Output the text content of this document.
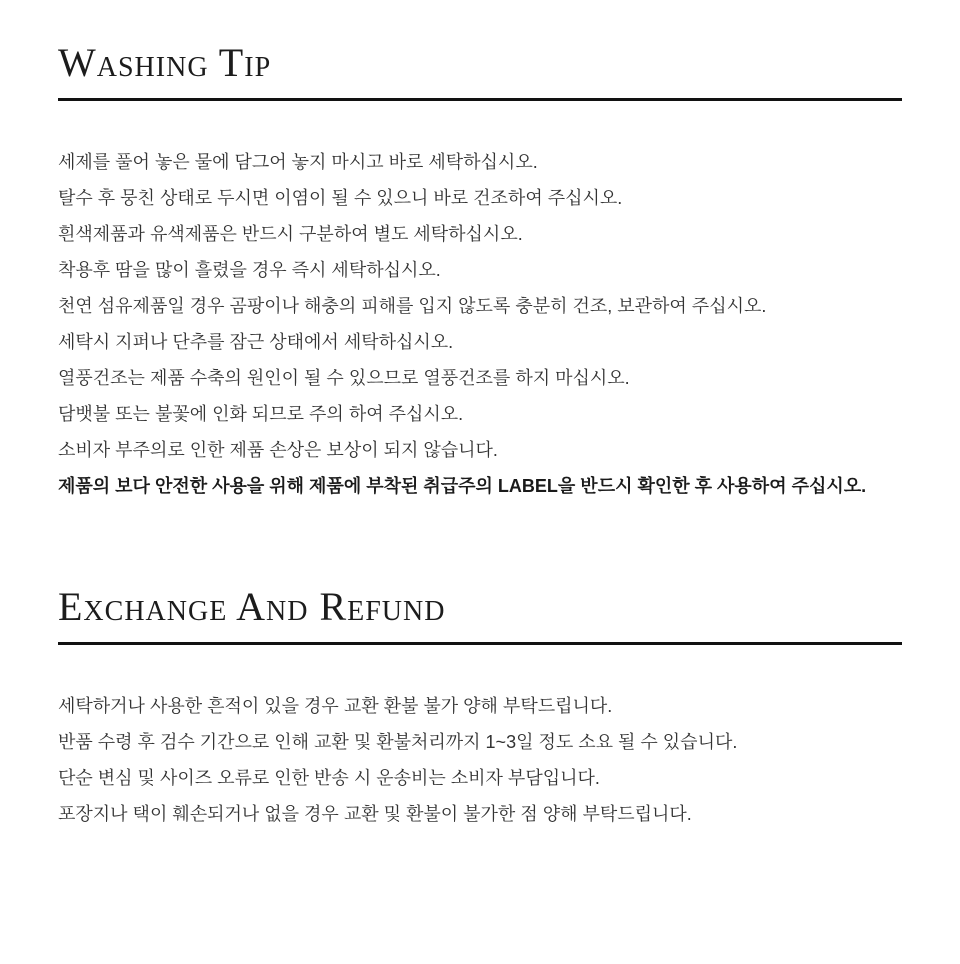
Washing Tip

세제를 풀어 놓은 물에 담그어 놓지 마시고 바로 세탁하십시오.

탈수 후 뭉친 상태로 두시면 이염이 될 수 있으니 바로 건조하여 주십시오.

흰색제품과 유색제품은 반드시 구분하여 별도 세탁하십시오.

착용후 땀을 많이 흘렸을 경우 즉시 세탁하십시오.

천연 섬유제품일 경우 곰팡이나 해충의 피해를 입지 않도록 충분히 건조, 보관하여 주십시오.

세탁시 지퍼나 단추를 잠근 상태에서 세탁하십시오.

열풍건조는 제품 수축의 원인이 될 수 있으므로 열풍건조를 하지 마십시오.

담뱃불 또는 불꽃에 인화 되므로 주의 하여 주십시오.

소비자 부주의로 인한 제품 손상은 보상이 되지 않습니다.

제품의 보다 안전한 사용을 위해 제품에 부착된 취급주의 LABEL을 반드시 확인한 후 사용하여 주십시오.

Exchange And Refund

세탁하거나 사용한 흔적이 있을 경우 교환 환불 불가 양해 부탁드립니다.

반품 수령 후 검수 기간으로 인해 교환 및 환불처리까지 1~3일 정도 소요 될 수 있습니다.

단순 변심 및 사이즈 오류로 인한 반송 시 운송비는 소비자 부담입니다.

포장지나 택이 훼손되거나 없을 경우 교환 및 환불이 불가한 점 양해 부탁드립니다.
